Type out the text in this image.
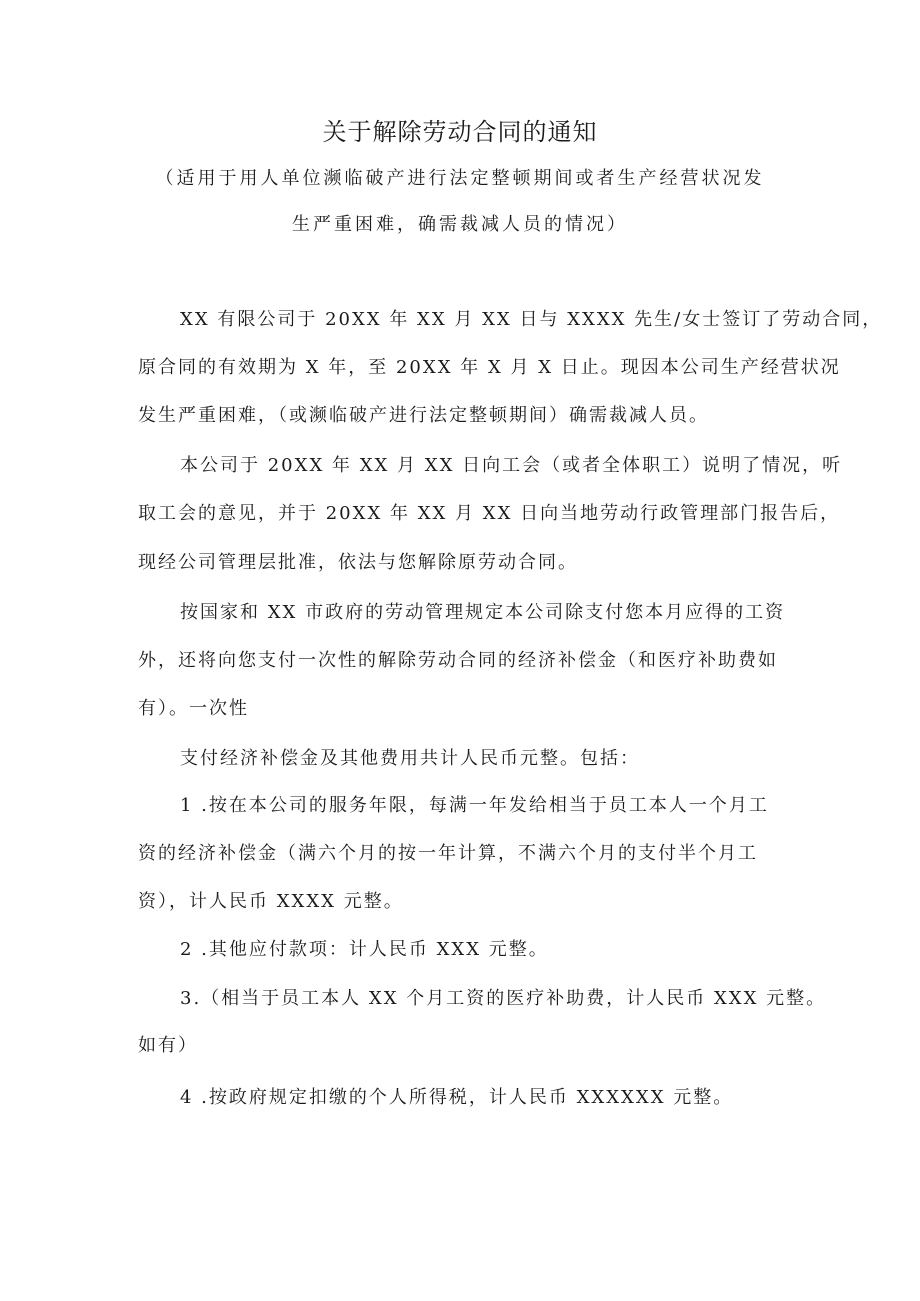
关于解除劳动合同的通知

（适用于用人单位濒临破产进行法定整顿期间或者生产经营状况发

生严重困难，确需裁减人员的情况）

XX 有限公司于 20XX 年 XX 月 XX 日与 XXXX 先生/女士签订了劳动合同，

原合同的有效期为 X 年，至 20XX 年 X 月 X 日止。现因本公司生产经营状况

发生严重困难，（或濒临破产进行法定整顿期间）确需裁减人员。

本公司于 20XX 年 XX 月 XX 日向工会（或者全体职工）说明了情况，听

取工会的意见，并于 20XX 年 XX 月 XX 日向当地劳动行政管理部门报告后，

现经公司管理层批准，依法与您解除原劳动合同。

按国家和 XX 市政府的劳动管理规定本公司除支付您本月应得的工资

外，还将向您支付一次性的解除劳动合同的经济补偿金（和医疗补助费如

有）。一次性

支付经济补偿金及其他费用共计人民币元整。包括：

1 .按在本公司的服务年限，每满一年发给相当于员工本人一个月工

资的经济补偿金（满六个月的按一年计算，不满六个月的支付半个月工

资），计人民币 XXXX 元整。

2 .其他应付款项：计人民币 XXX 元整。

3.（相当于员工本人 XX 个月工资的医疗补助费，计人民币 XXX 元整。

如有）

4 .按政府规定扣缴的个人所得税，计人民币 XXXXXX 元整。
